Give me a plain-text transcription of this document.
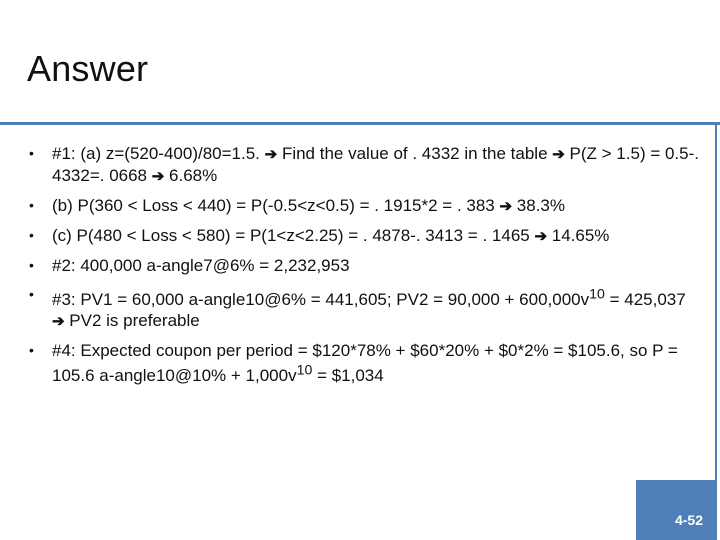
Answer
• #1: (a) z=(520-400)/80=1.5. ➔ Find the value of . 4332 in the table ➔ P(Z > 1.5) = 0.5-. 4332=. 0668 ➔ 6.68%
• (b) P(360 < Loss < 440) = P(-0.5<z<0.5) = . 1915*2 = . 383 ➔ 38.3%
• (c) P(480 < Loss < 580) = P(1<z<2.25) = . 4878-. 3413 = . 1465 ➔ 14.65%
• #2: 400,000 a-angle7@6% = 2,232,953
• #3: PV1 = 60,000 a-angle10@6% = 441,605; $PV2 = 90,000 + 600,000v^{10} = 425,037$ ➔ PV2 is preferable
• #4: Expected coupon per period = $120*78% + $60*20% + $0*2% = $105.6, so P = 105.6 a-angle10@10% + $1,000v^{10}$ = $1,034
4-52
